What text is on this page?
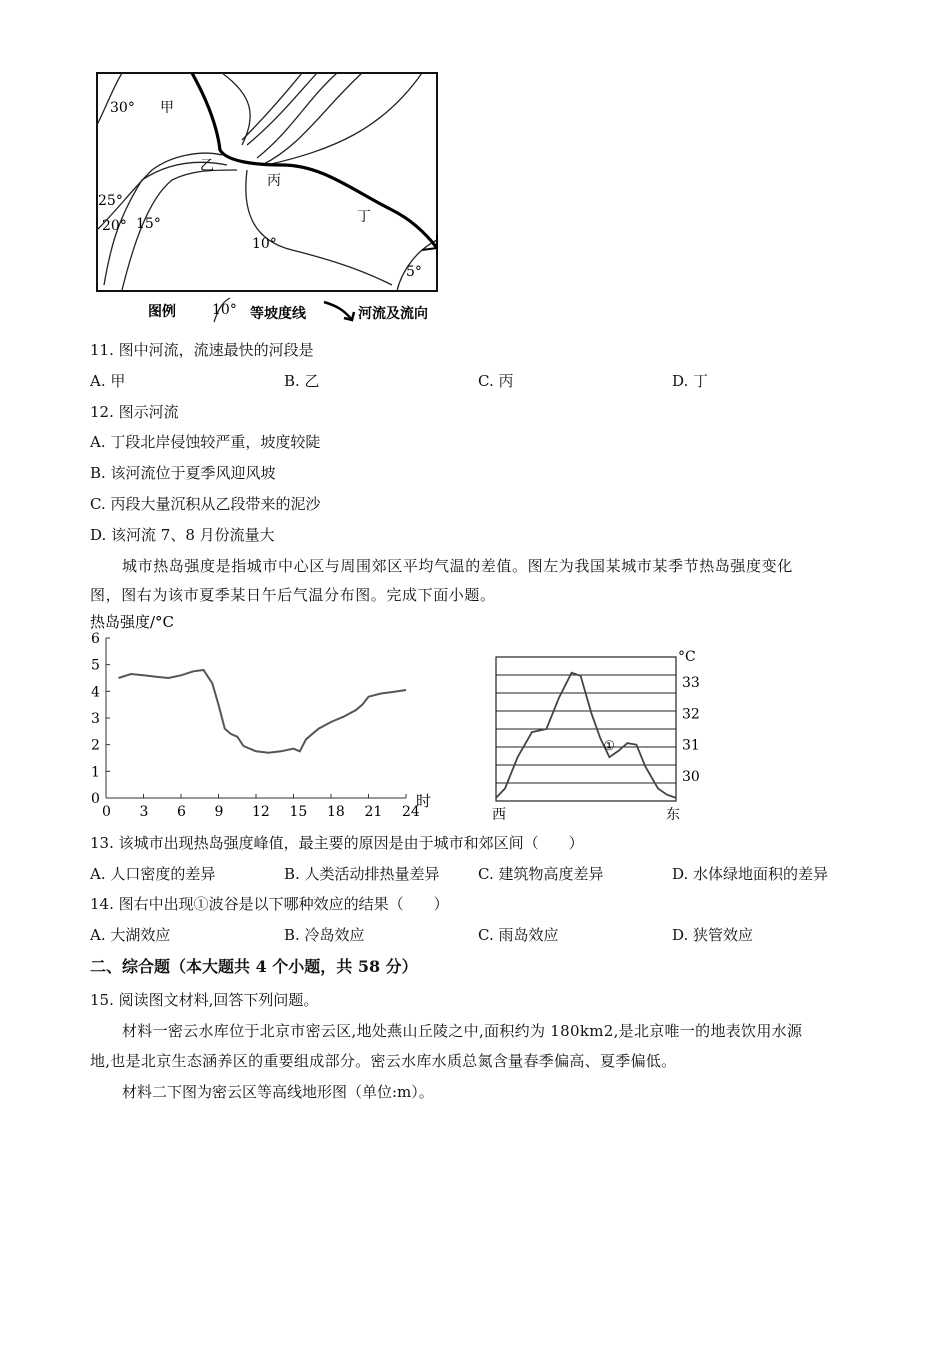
30° 甲
乙
丙
丁
25°
20° 15°
10°
5°
图例	10° 等坡度线	河流及流向
11. 图中河流，流速最快的河段是
A. 甲	B. 乙	C. 丙	D. 丁
12. 图示河流
A. 丁段北岸侵蚀较严重，坡度较陡
B. 该河流位于夏季风迎风坡
C. 丙段大量沉积从乙段带来的泥沙
D. 该河流 7、8 月份流量大
城市热岛强度是指城市中心区与周围郊区平均气温的差值。图左为我国某城市某季节热岛强度变化
图，图右为该市夏季某日午后气温分布图。完成下面小题。
热岛强度/°C
0 3 6 9 12 15 18 21 24
0
1
2
3
4
5
6
时
°C
30
31
32
33
①
西	东
13. 该城市出现热岛强度峰值，最主要的原因是由于城市和郊区间（　　）
A. 人口密度的差异	B. 人类活动排热量差异	C. 建筑物高度差异	D. 水体绿地面积的差异
14. 图右中出现①波谷是以下哪种效应的结果（　　）
A. 大湖效应	B. 冷岛效应	C. 雨岛效应	D. 狭管效应
二、综合题（本大题共 4 个小题，共 58 分）
15. 阅读图文材料,回答下列问题。
材料一密云水库位于北京市密云区,地处燕山丘陵之中,面积约为 180km2,是北京唯一的地表饮用水源
地,也是北京生态涵养区的重要组成部分。密云水库水质总氮含量春季偏高、夏季偏低。
材料二下图为密云区等高线地形图（单位:m）。
